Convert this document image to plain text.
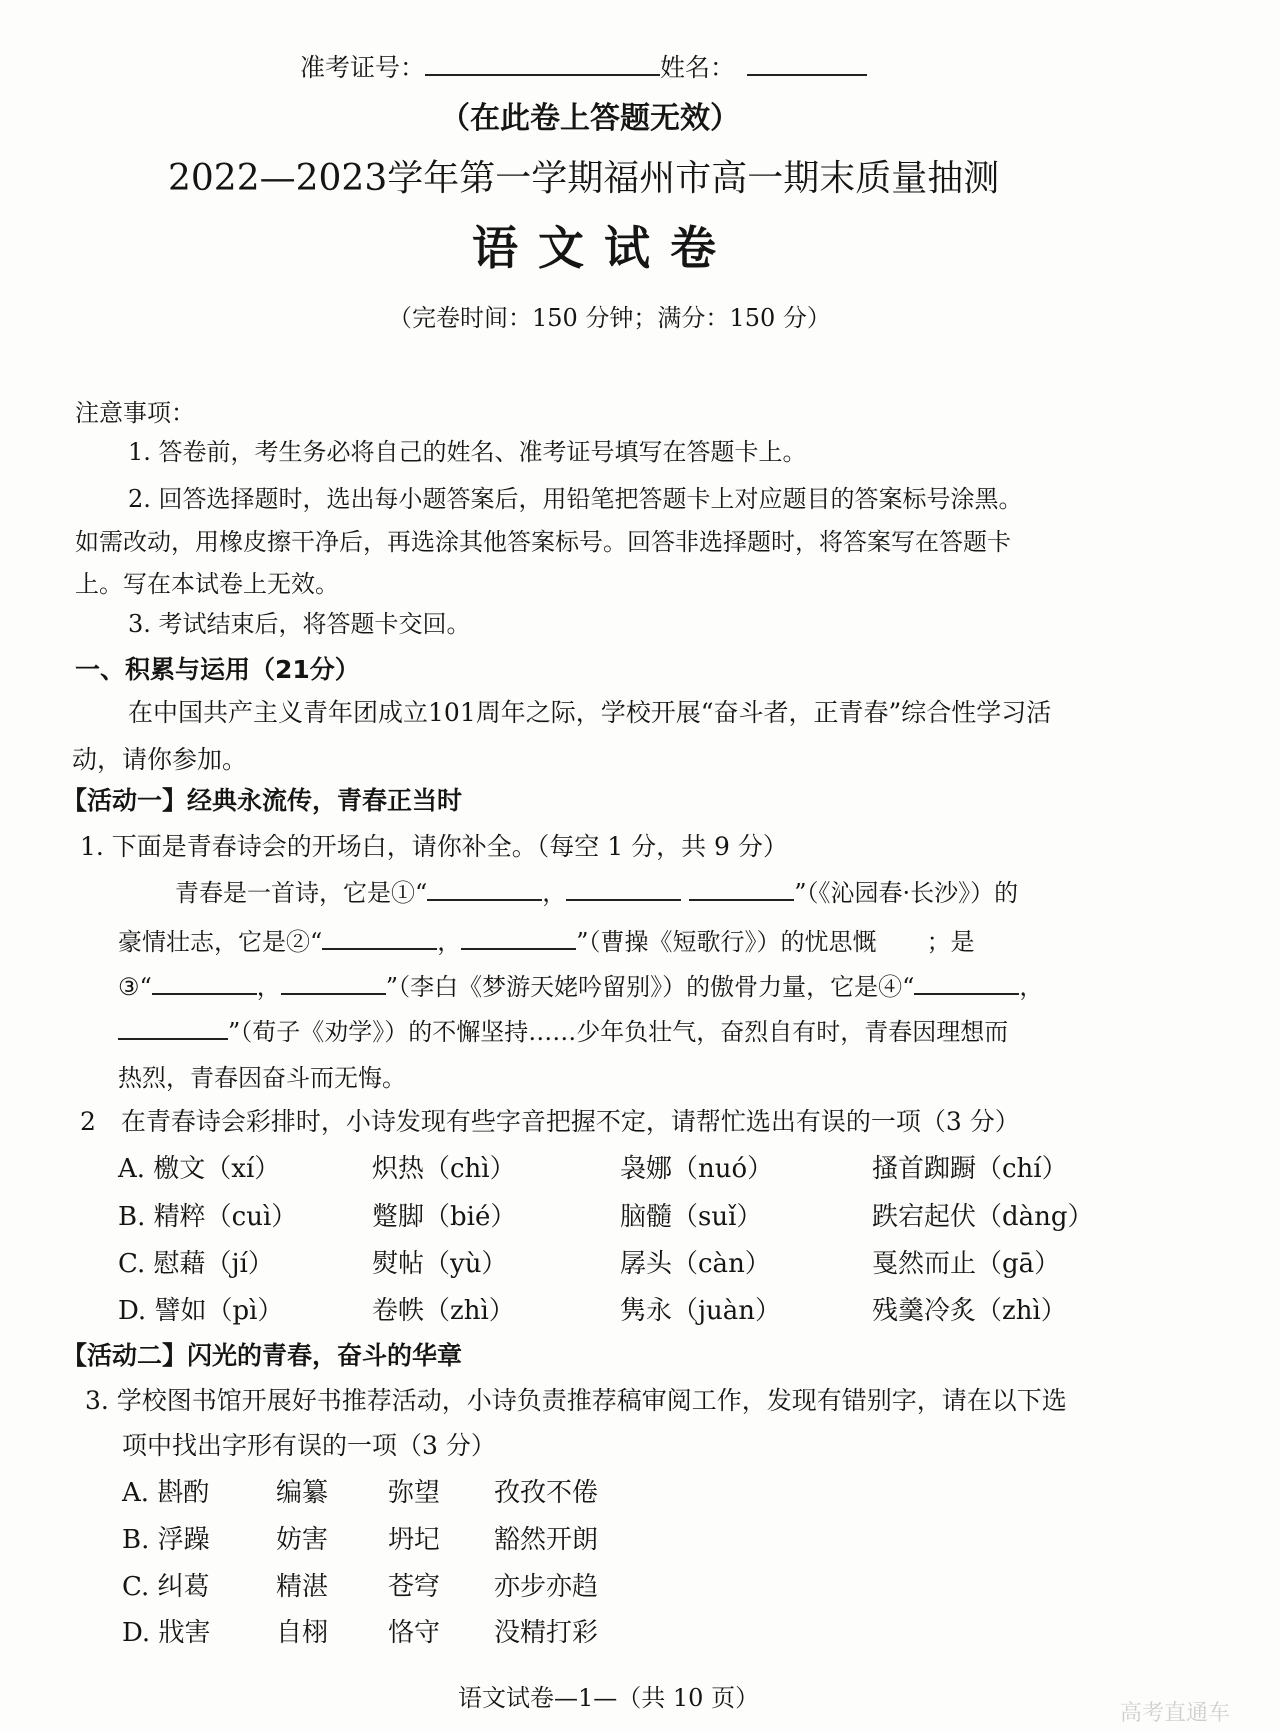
准考证号：	姓名：
（在此卷上答题无效）
2022—2023学年第一学期福州市高一期末质量抽测
语 文 试 卷
（完卷时间：150 分钟；满分：150 分）
注意事项：
1. 答卷前，考生务必将自己的姓名、准考证号填写在答题卡上。
2. 回答选择题时，选出每小题答案后，用铅笔把答题卡上对应题目的答案标号涂黑。
如需改动，用橡皮擦干净后，再选涂其他答案标号。回答非选择题时，将答案写在答题卡
上。写在本试卷上无效。
3. 考试结束后，将答题卡交回。
一、积累与运用（21分）
在中国共产主义青年团成立101周年之际，学校开展“奋斗者，正青春”综合性学习活
动，请你参加。
【活动一】经典永流传，青春正当时
1. 下面是青春诗会的开场白，请你补全。（每空 1 分，共 9 分）
青春是一首诗，它是①“	，	”（《沁园春·长沙》）的
豪情壮志，它是②“	，	”（曹操《短歌行》）的忧思慨 ；是
③“	，	”（李白《梦游天姥吟留别》）的傲骨力量，它是④“	，
”（荀子《劝学》）的不懈坚持……少年负壮气，奋烈自有时，青春因理想而
热烈，青春因奋斗而无悔。
2　在青春诗会彩排时，小诗发现有些字音把握不定，请帮忙选出有误的一项（3 分）
A. 檄文（xí）	炽热（chì）	袅娜（nuó）	搔首踟蹰（chí）
B. 精粹（cuì）	蹩脚（bié）	脑髓（suǐ）	跌宕起伏（dàng）
C. 慰藉（jí）	熨帖（yù）	孱头（càn）	戛然而止（gā）
D. 譬如（pì）	卷帙（zhì）	隽永（juàn）	残羹冷炙（zhì）
【活动二】闪光的青春，奋斗的华章
3. 学校图书馆开展好书推荐活动，小诗负责推荐稿审阅工作，发现有错别字，请在以下选
项中找出字形有误的一项（3 分）
A. 斟酌	编纂 弥望 孜孜不倦
B. 浮躁	妨害 坍圮 豁然开朗
C. 纠葛	精湛 苍穹 亦步亦趋
D. 戕害	自栩 恪守 没精打彩
语文试卷—1—（共 10 页）
高考直通车
